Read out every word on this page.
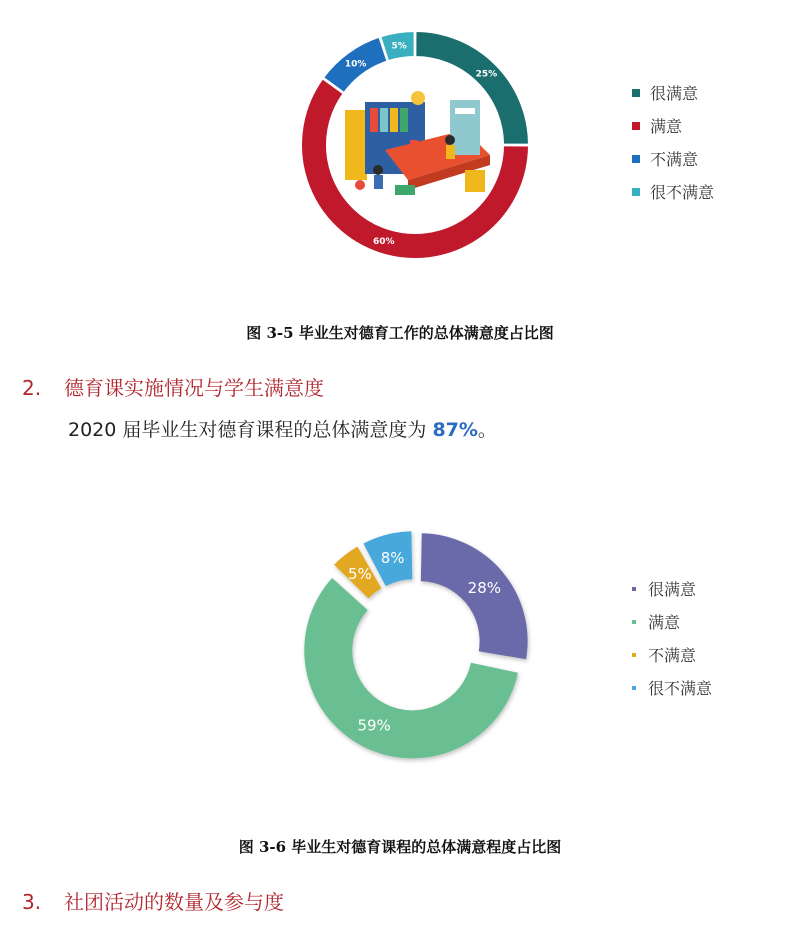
25%
60%
10%
5%
很满意
满意
不满意
很不满意
图 3-5 毕业生对德育工作的总体满意度占比图
2. 德育课实施情况与学生满意度
2020 届毕业生对德育课程的总体满意度为 87%。
28%
59%
5%
8%
很满意
满意
不满意
很不满意
图 3-6 毕业生对德育课程的总体满意程度占比图
3. 社团活动的数量及参与度
